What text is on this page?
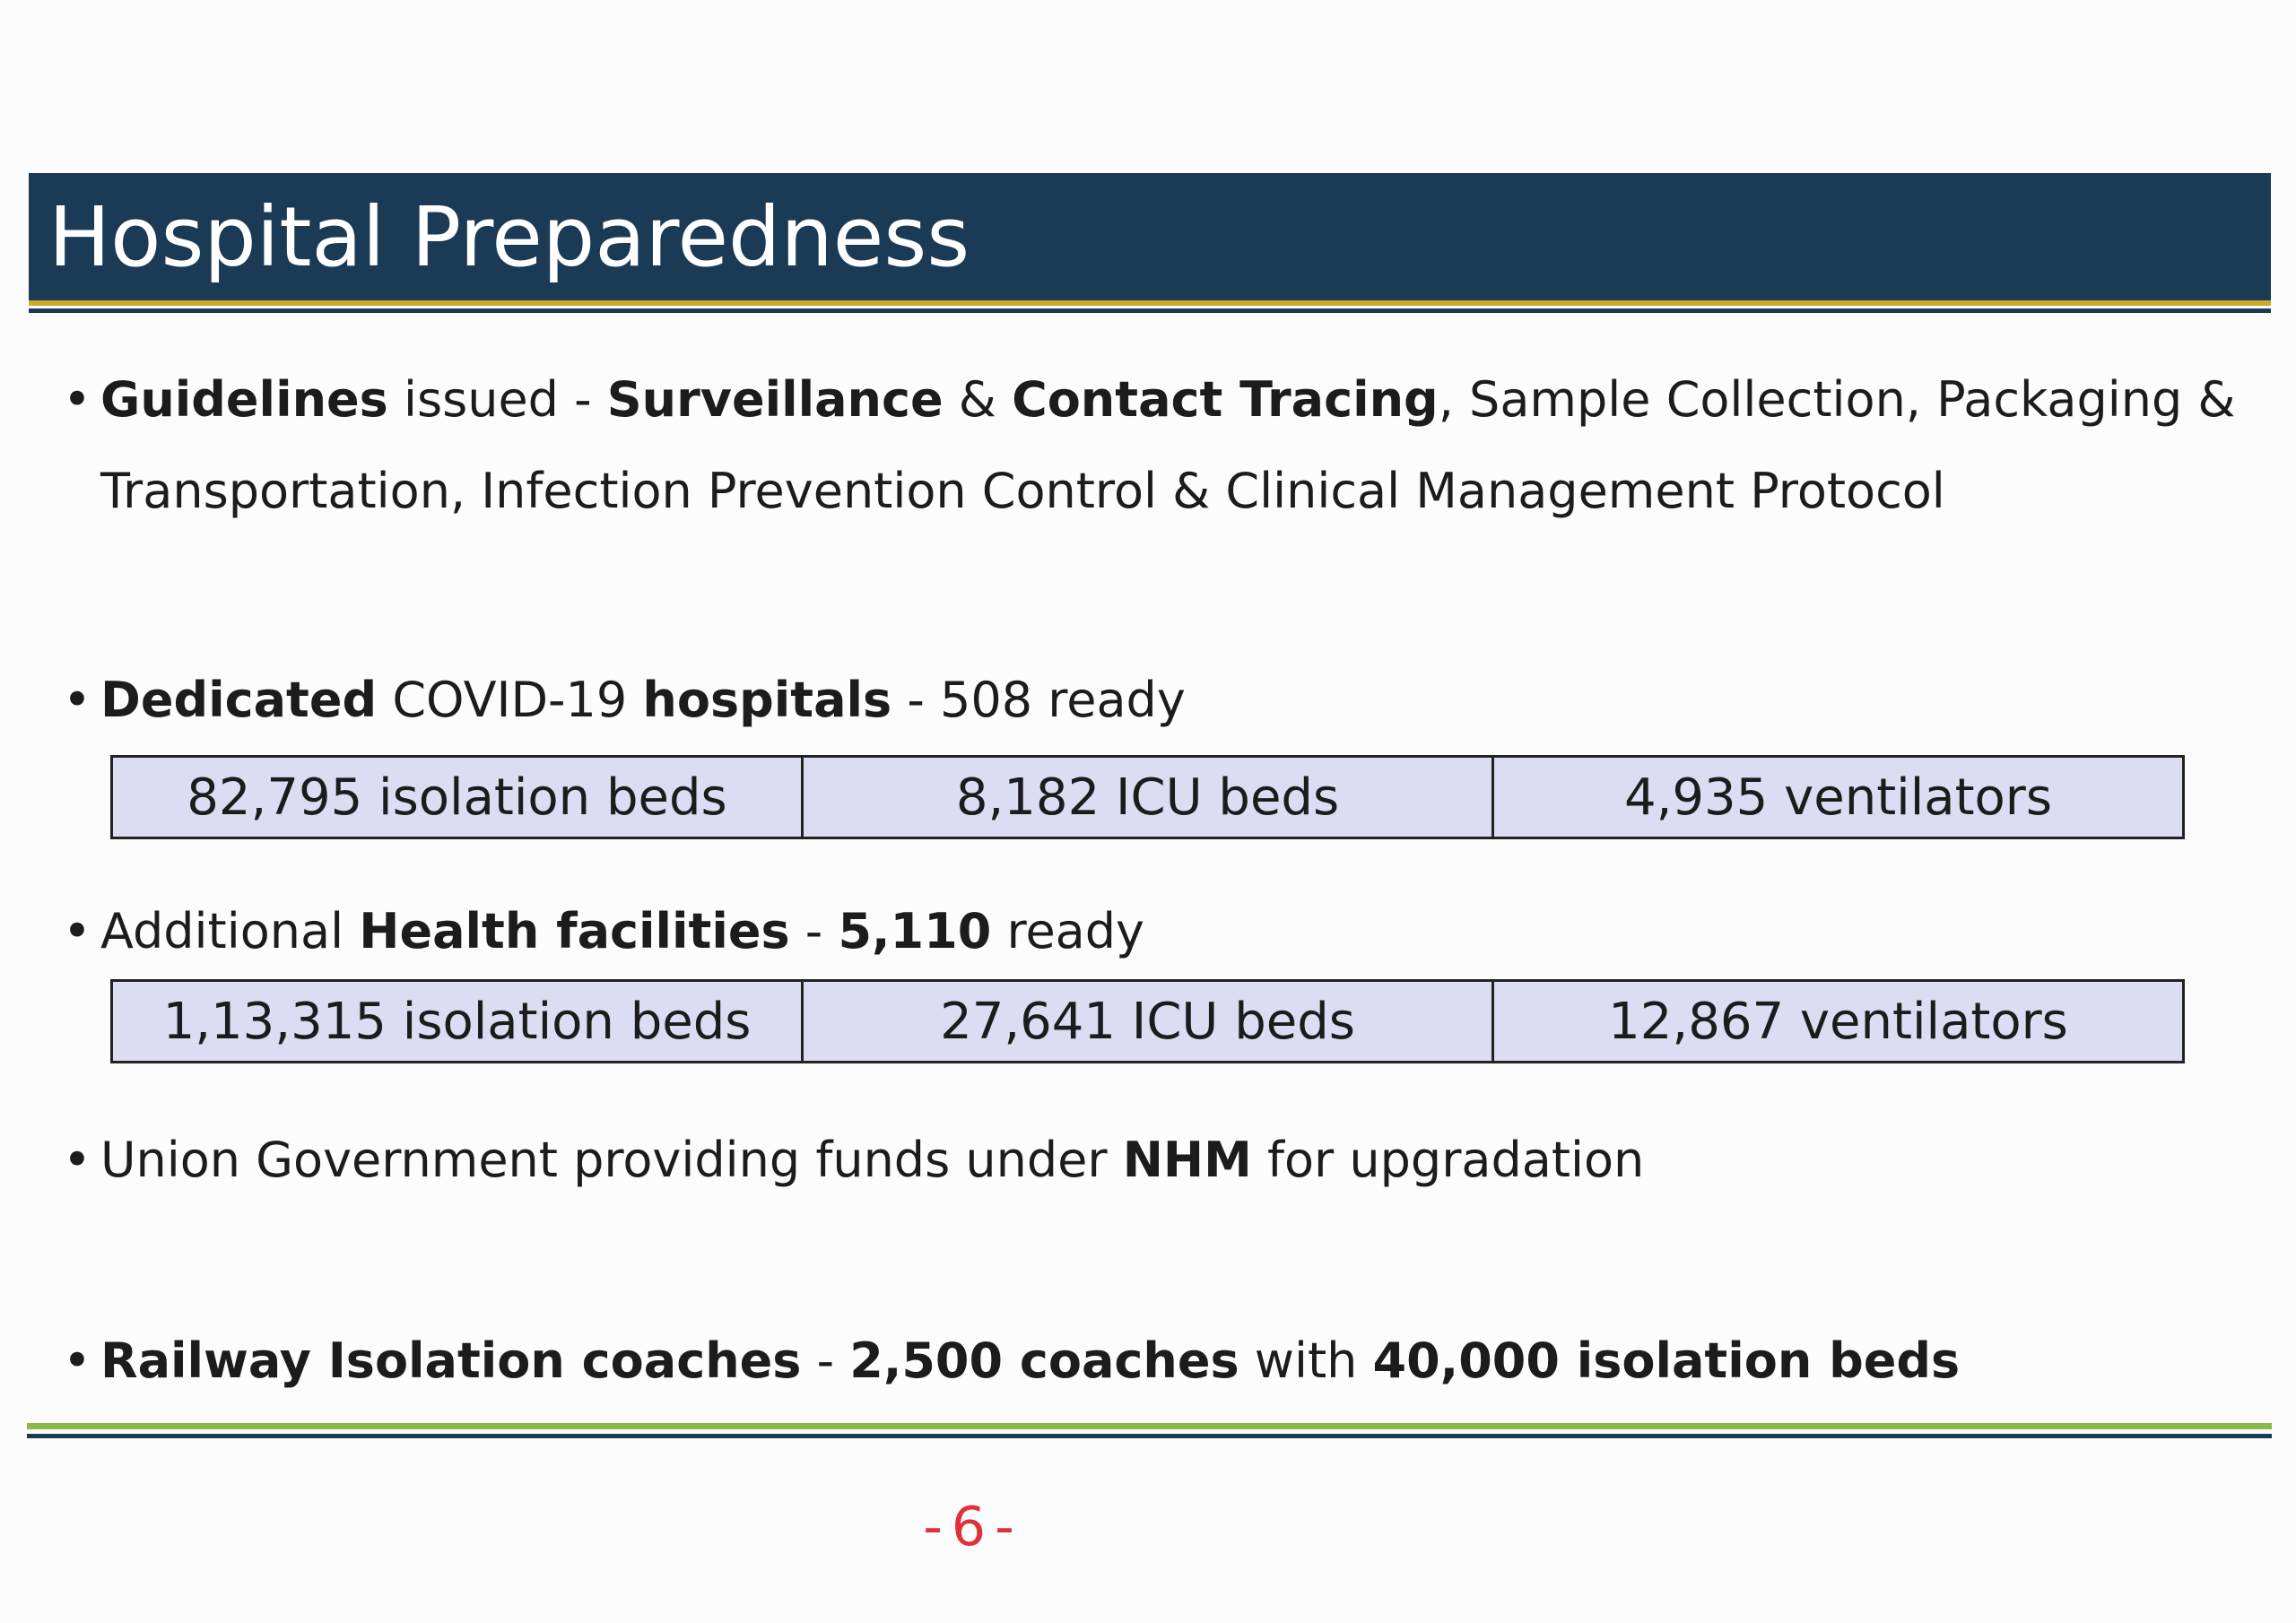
Hospital Preparedness
• Guidelines issued - Surveillance & Contact Tracing, Sample Collection, Packaging &
Transportation, Infection Prevention Control & Clinical Management Protocol
• Dedicated COVID-19 hospitals - 508 ready
82,795 isolation beds	8,182 ICU beds	4,935 ventilators
• Additional Health facilities - 5,110 ready
1,13,315 isolation beds	27,641 ICU beds	12,867 ventilators
• Union Government providing funds under NHM for upgradation
• Railway Isolation coaches - 2,500 coaches with 40,000 isolation beds
-6-
